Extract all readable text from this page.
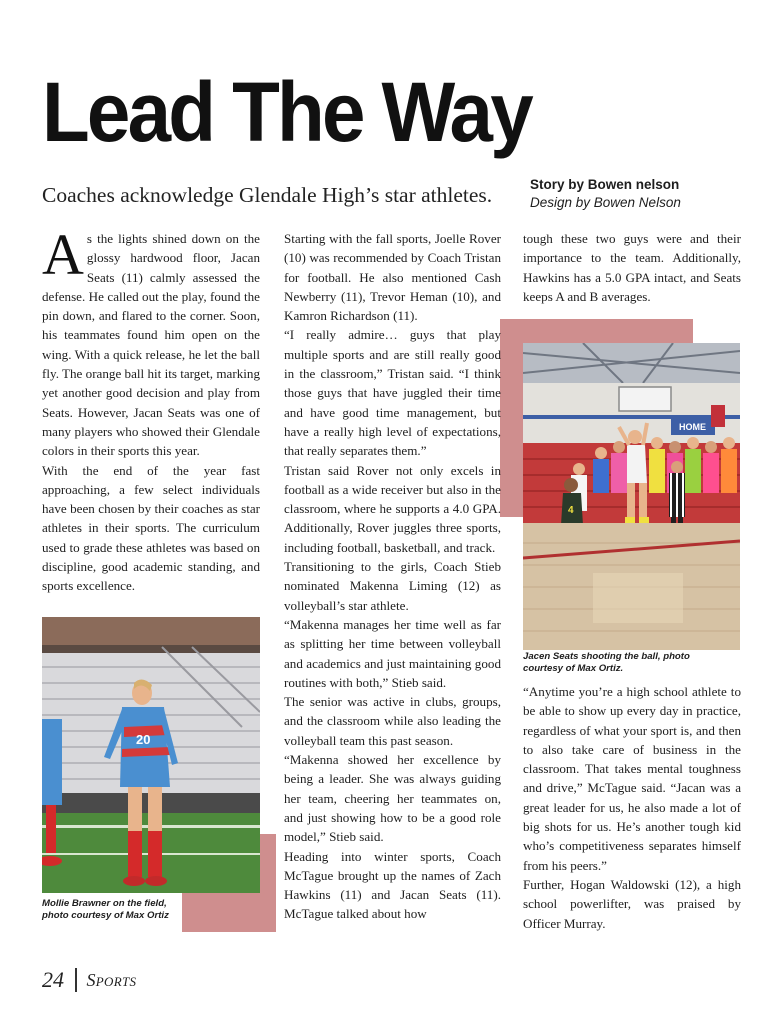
Lead The Way
Coaches acknowledge Glendale High’s star athletes.	Story by Bowen nelson
Design by Bowen Nelson

As the lights shined down on the glossy hardwood floor, Jacan Seats (11) calmly assessed the defense. He called out the play, found the pin down, and flared to the corner. Soon, his teammates found him open on the wing. With a quick release, he let the ball fly. The orange ball hit its target, marking yet another good decision and play from Seats. However, Jacan Seats was one of many players who showed their Glendale colors in their sports this year.

With the end of the year fast approaching, a few select individuals have been chosen by their coaches as star athletes in their sports. The curriculum used to grade these athletes was based on discipline, good academic standing, and sports excellence.

20
Mollie Brawner on the field, photo courtesy of Max Ortiz

Starting with the fall sports, Joelle Rover (10) was recommended by Coach Tristan for football. He also mentioned Cash Newberry (11), Trevor Heman (10), and Kamron Richardson (11).

“I really admire… guys that play multiple sports and are still really good in the classroom,” Tristan said. “I think those guys that have juggled their time and have good time management, but have a really high level of expectations, that really separates them.”

Tristan said Rover not only excels in football as a wide receiver but also in the classroom, where he supports a 4.0 GPA. Additionally, Rover juggles three sports, including football, basketball, and track.

Transitioning to the girls, Coach Stieb nominated Makenna Liming (12) as volleyball’s star athlete.

“Makenna manages her time well as far as splitting her time between volleyball and academics and just maintaining good routines with both,” Stieb said.

The senior was active in clubs, groups, and the classroom while also leading the volleyball team this past season.

“Makenna showed her excellence by being a leader. She was always guiding her team, cheering her teammates on, and just showing how to be a good role model,” Stieb said.

Heading into winter sports, Coach McTague brought up the names of Zach Hawkins (11) and Jacan Seats (11). McTague talked about how

tough these two guys were and their importance to the team. Additionally, Hawkins has a 5.0 GPA intact, and Seats keeps A and B averages.

HOME
4
Jacen Seats shooting the ball, photo courtesy of Max Ortiz.

“Anytime you’re a high school athlete to be able to show up every day in practice, regardless of what your sport is, and then to also take care of business in the classroom. That takes mental toughness and drive,” McTague said. “Jacan was a great leader for us, he also made a lot of big shots for us. He’s another tough kid who’s competitiveness separates himself from his peers.”

Further, Hogan Waldowski (12), a high school powerlifter, was praised by Officer Murray.

24 Sports
